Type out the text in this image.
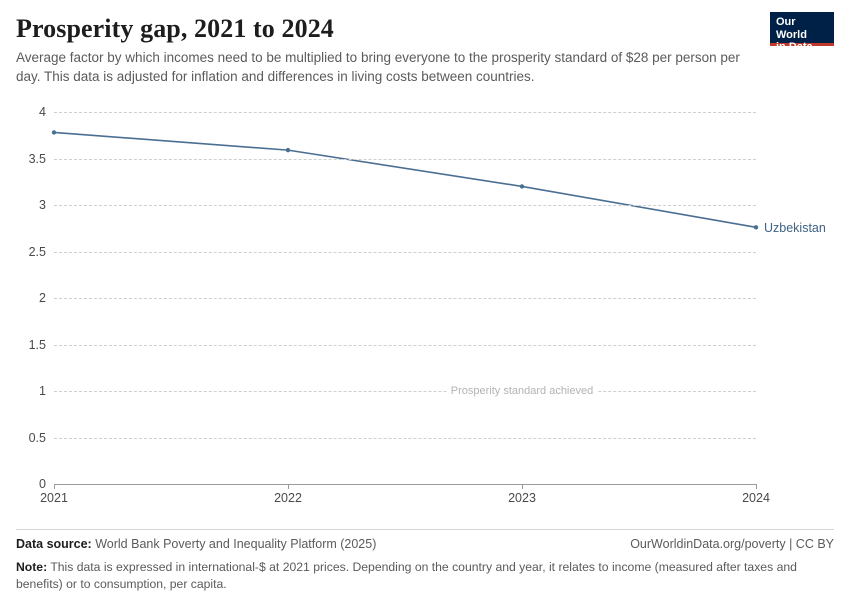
Prosperity gap, 2021 to 2024

Average factor by which incomes need to be multiplied to bring everyone to the prosperity standard of $28 per person per day. This data is adjusted for inflation and differences in living costs between countries.

Our World
in Data
0
0.5
1
1.5
2
2.5
3
3.5
4
2021	2022	2023	2024
Prosperity standard achieved
Uzbekistan
Data source: World Bank Poverty and Inequality Platform (2025)	OurWorldinData.org/poverty | CC BY
Note: This data is expressed in international-$ at 2021 prices. Depending on the country and year, it relates to income (measured after taxes and benefits) or to consumption, per capita.
